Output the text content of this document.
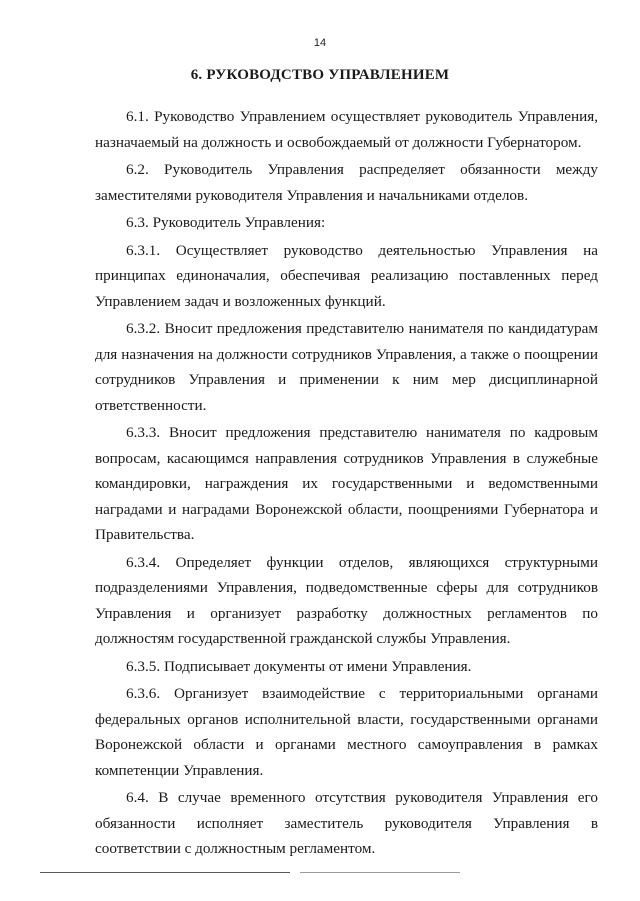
14
6. РУКОВОДСТВО УПРАВЛЕНИЕМ

6.1. Руководство Управлением осуществляет руководитель Управления, назначаемый на должность и освобождаемый от должности Губернатором.

6.2. Руководитель Управления распределяет обязанности между заместителями руководителя Управления и начальниками отделов.

6.3. Руководитель Управления:

6.3.1. Осуществляет руководство деятельностью Управления на принципах единоначалия, обеспечивая реализацию поставленных перед Управлением задач и возложенных функций.

6.3.2. Вносит предложения представителю нанимателя по кандидатурам для назначения на должности сотрудников Управления, а также о поощрении сотрудников Управления и применении к ним мер дисциплинарной ответственности.

6.3.3. Вносит предложения представителю нанимателя по кадровым вопросам, касающимся направления сотрудников Управления в служебные командировки, награждения их государственными и ведомственными наградами и наградами Воронежской области, поощрениями Губернатора и Правительства.

6.3.4. Определяет функции отделов, являющихся структурными подразделениями Управления, подведомственные сферы для сотрудников Управления и организует разработку должностных регламентов по должностям государственной гражданской службы Управления.

6.3.5. Подписывает документы от имени Управления.

6.3.6. Организует взаимодействие с территориальными органами федеральных органов исполнительной власти, государственными органами Воронежской области и органами местного самоуправления в рамках компетенции Управления.

6.4. В случае временного отсутствия руководителя Управления его обязанности исполняет заместитель руководителя Управления в соответствии с должностным регламентом.
